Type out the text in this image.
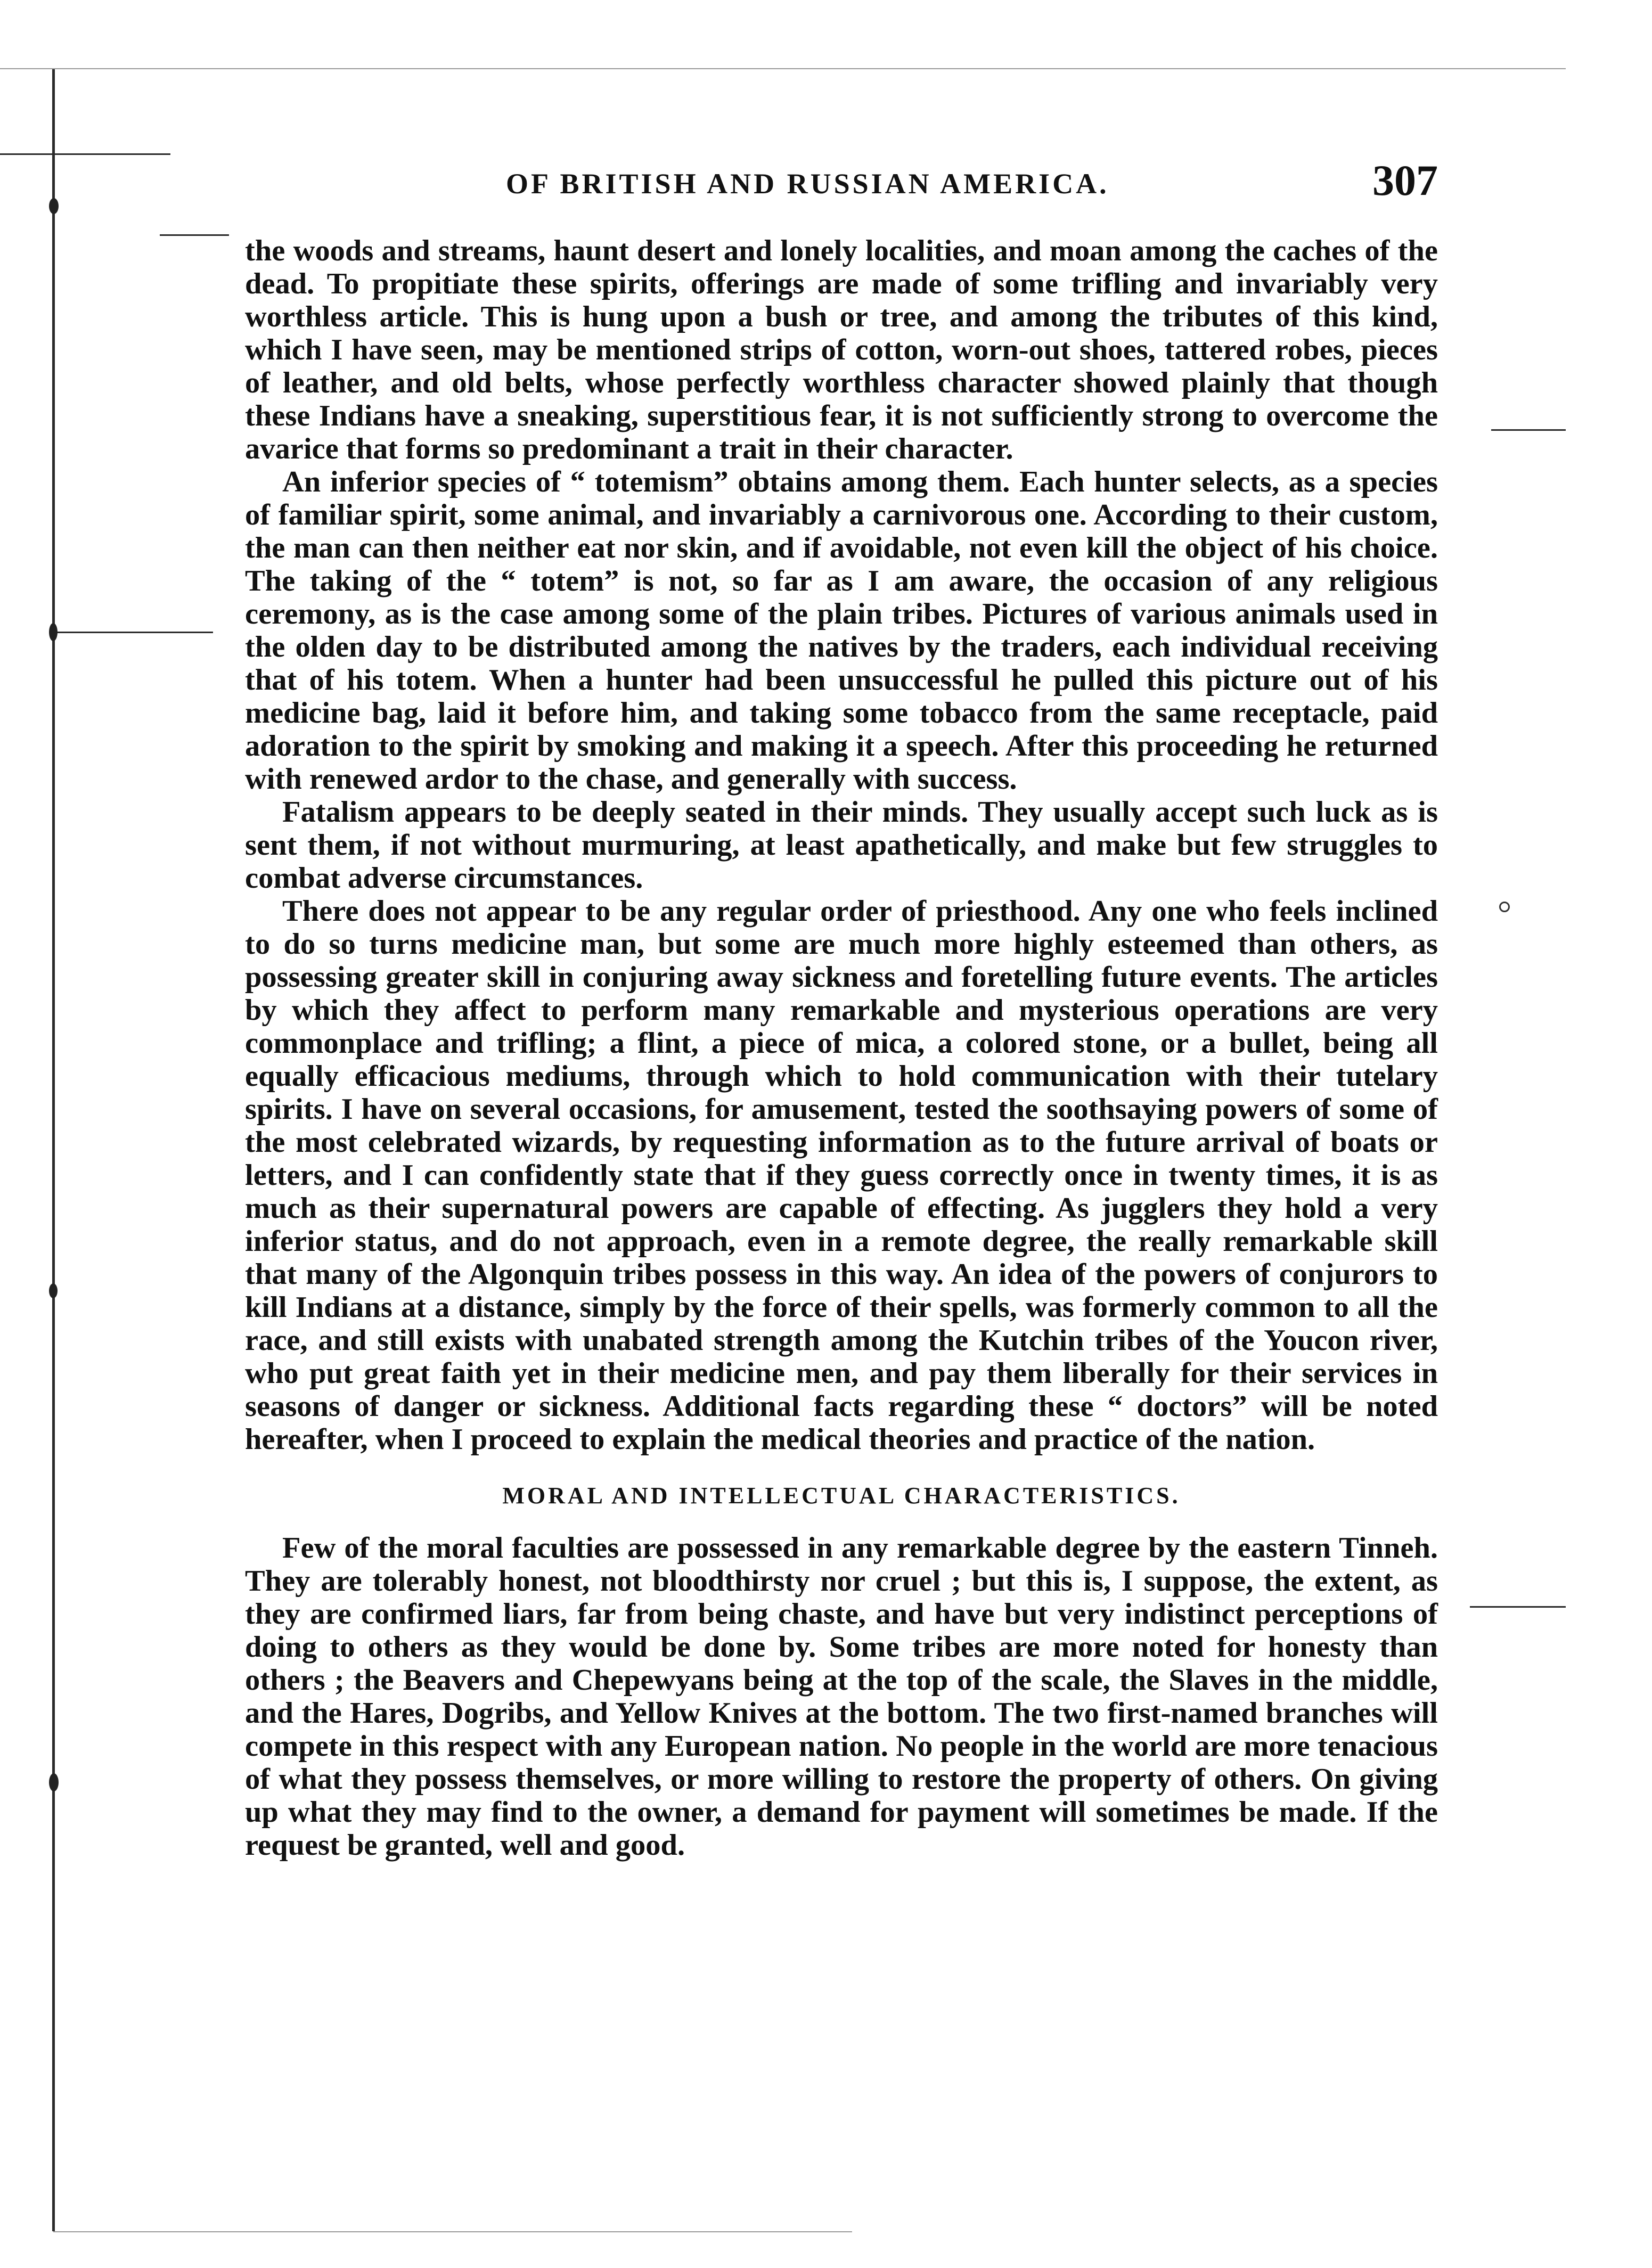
OF BRITISH AND RUSSIAN AMERICA.	307

the woods and streams, haunt desert and lonely localities, and moan among the caches of the dead. To propitiate these spirits, offerings are made of some trifling and invariably very worthless article. This is hung upon a bush or tree, and among the tributes of this kind, which I have seen, may be mentioned strips of cotton, worn-out shoes, tattered robes, pieces of leather, and old belts, whose perfectly worthless character showed plainly that though these Indians have a sneaking, superstitious fear, it is not sufficiently strong to overcome the avarice that forms so predominant a trait in their character.

An inferior species of “ totemism” obtains among them. Each hunter selects, as a species of familiar spirit, some animal, and invariably a carnivorous one. According to their custom, the man can then neither eat nor skin, and if avoidable, not even kill the object of his choice. The taking of the “ totem” is not, so far as I am aware, the occasion of any religious ceremony, as is the case among some of the plain tribes. Pictures of various animals used in the olden day to be distributed among the natives by the traders, each individual receiving that of his totem. When a hunter had been unsuccessful he pulled this picture out of his medicine bag, laid it before him, and taking some tobacco from the same receptacle, paid adoration to the spirit by smoking and making it a speech. After this proceeding he returned with renewed ardor to the chase, and generally with success.

Fatalism appears to be deeply seated in their minds. They usually accept such luck as is sent them, if not without murmuring, at least apathetically, and make but few struggles to combat adverse circumstances.

There does not appear to be any regular order of priesthood. Any one who feels inclined to do so turns medicine man, but some are much more highly esteemed than others, as possessing greater skill in conjuring away sickness and foretelling future events. The articles by which they affect to perform many remarkable and mysterious operations are very commonplace and trifling; a flint, a piece of mica, a colored stone, or a bullet, being all equally efficacious mediums, through which to hold communication with their tutelary spirits. I have on several occasions, for amusement, tested the soothsaying powers of some of the most celebrated wizards, by requesting information as to the future arrival of boats or letters, and I can confidently state that if they guess correctly once in twenty times, it is as much as their supernatural powers are capable of effecting. As jugglers they hold a very inferior status, and do not approach, even in a remote degree, the really remarkable skill that many of the Algonquin tribes possess in this way. An idea of the powers of conjurors to kill Indians at a distance, simply by the force of their spells, was formerly common to all the race, and still exists with unabated strength among the Kutchin tribes of the Youcon river, who put great faith yet in their medicine men, and pay them liberally for their services in seasons of danger or sickness. Additional facts regarding these “ doctors” will be noted hereafter, when I proceed to explain the medical theories and practice of the nation.

MORAL AND INTELLECTUAL CHARACTERISTICS.

Few of the moral faculties are possessed in any remarkable degree by the eastern Tinneh. They are tolerably honest, not bloodthirsty nor cruel ; but this is, I suppose, the extent, as they are confirmed liars, far from being chaste, and have but very indistinct perceptions of doing to others as they would be done by. Some tribes are more noted for honesty than others ; the Beavers and Chepewyans being at the top of the scale, the Slaves in the middle, and the Hares, Dogribs, and Yellow Knives at the bottom. The two first-named branches will compete in this respect with any European nation. No people in the world are more tenacious of what they possess themselves, or more willing to restore the property of others. On giving up what they may find to the owner, a demand for payment will sometimes be made. If the request be granted, well and good.
